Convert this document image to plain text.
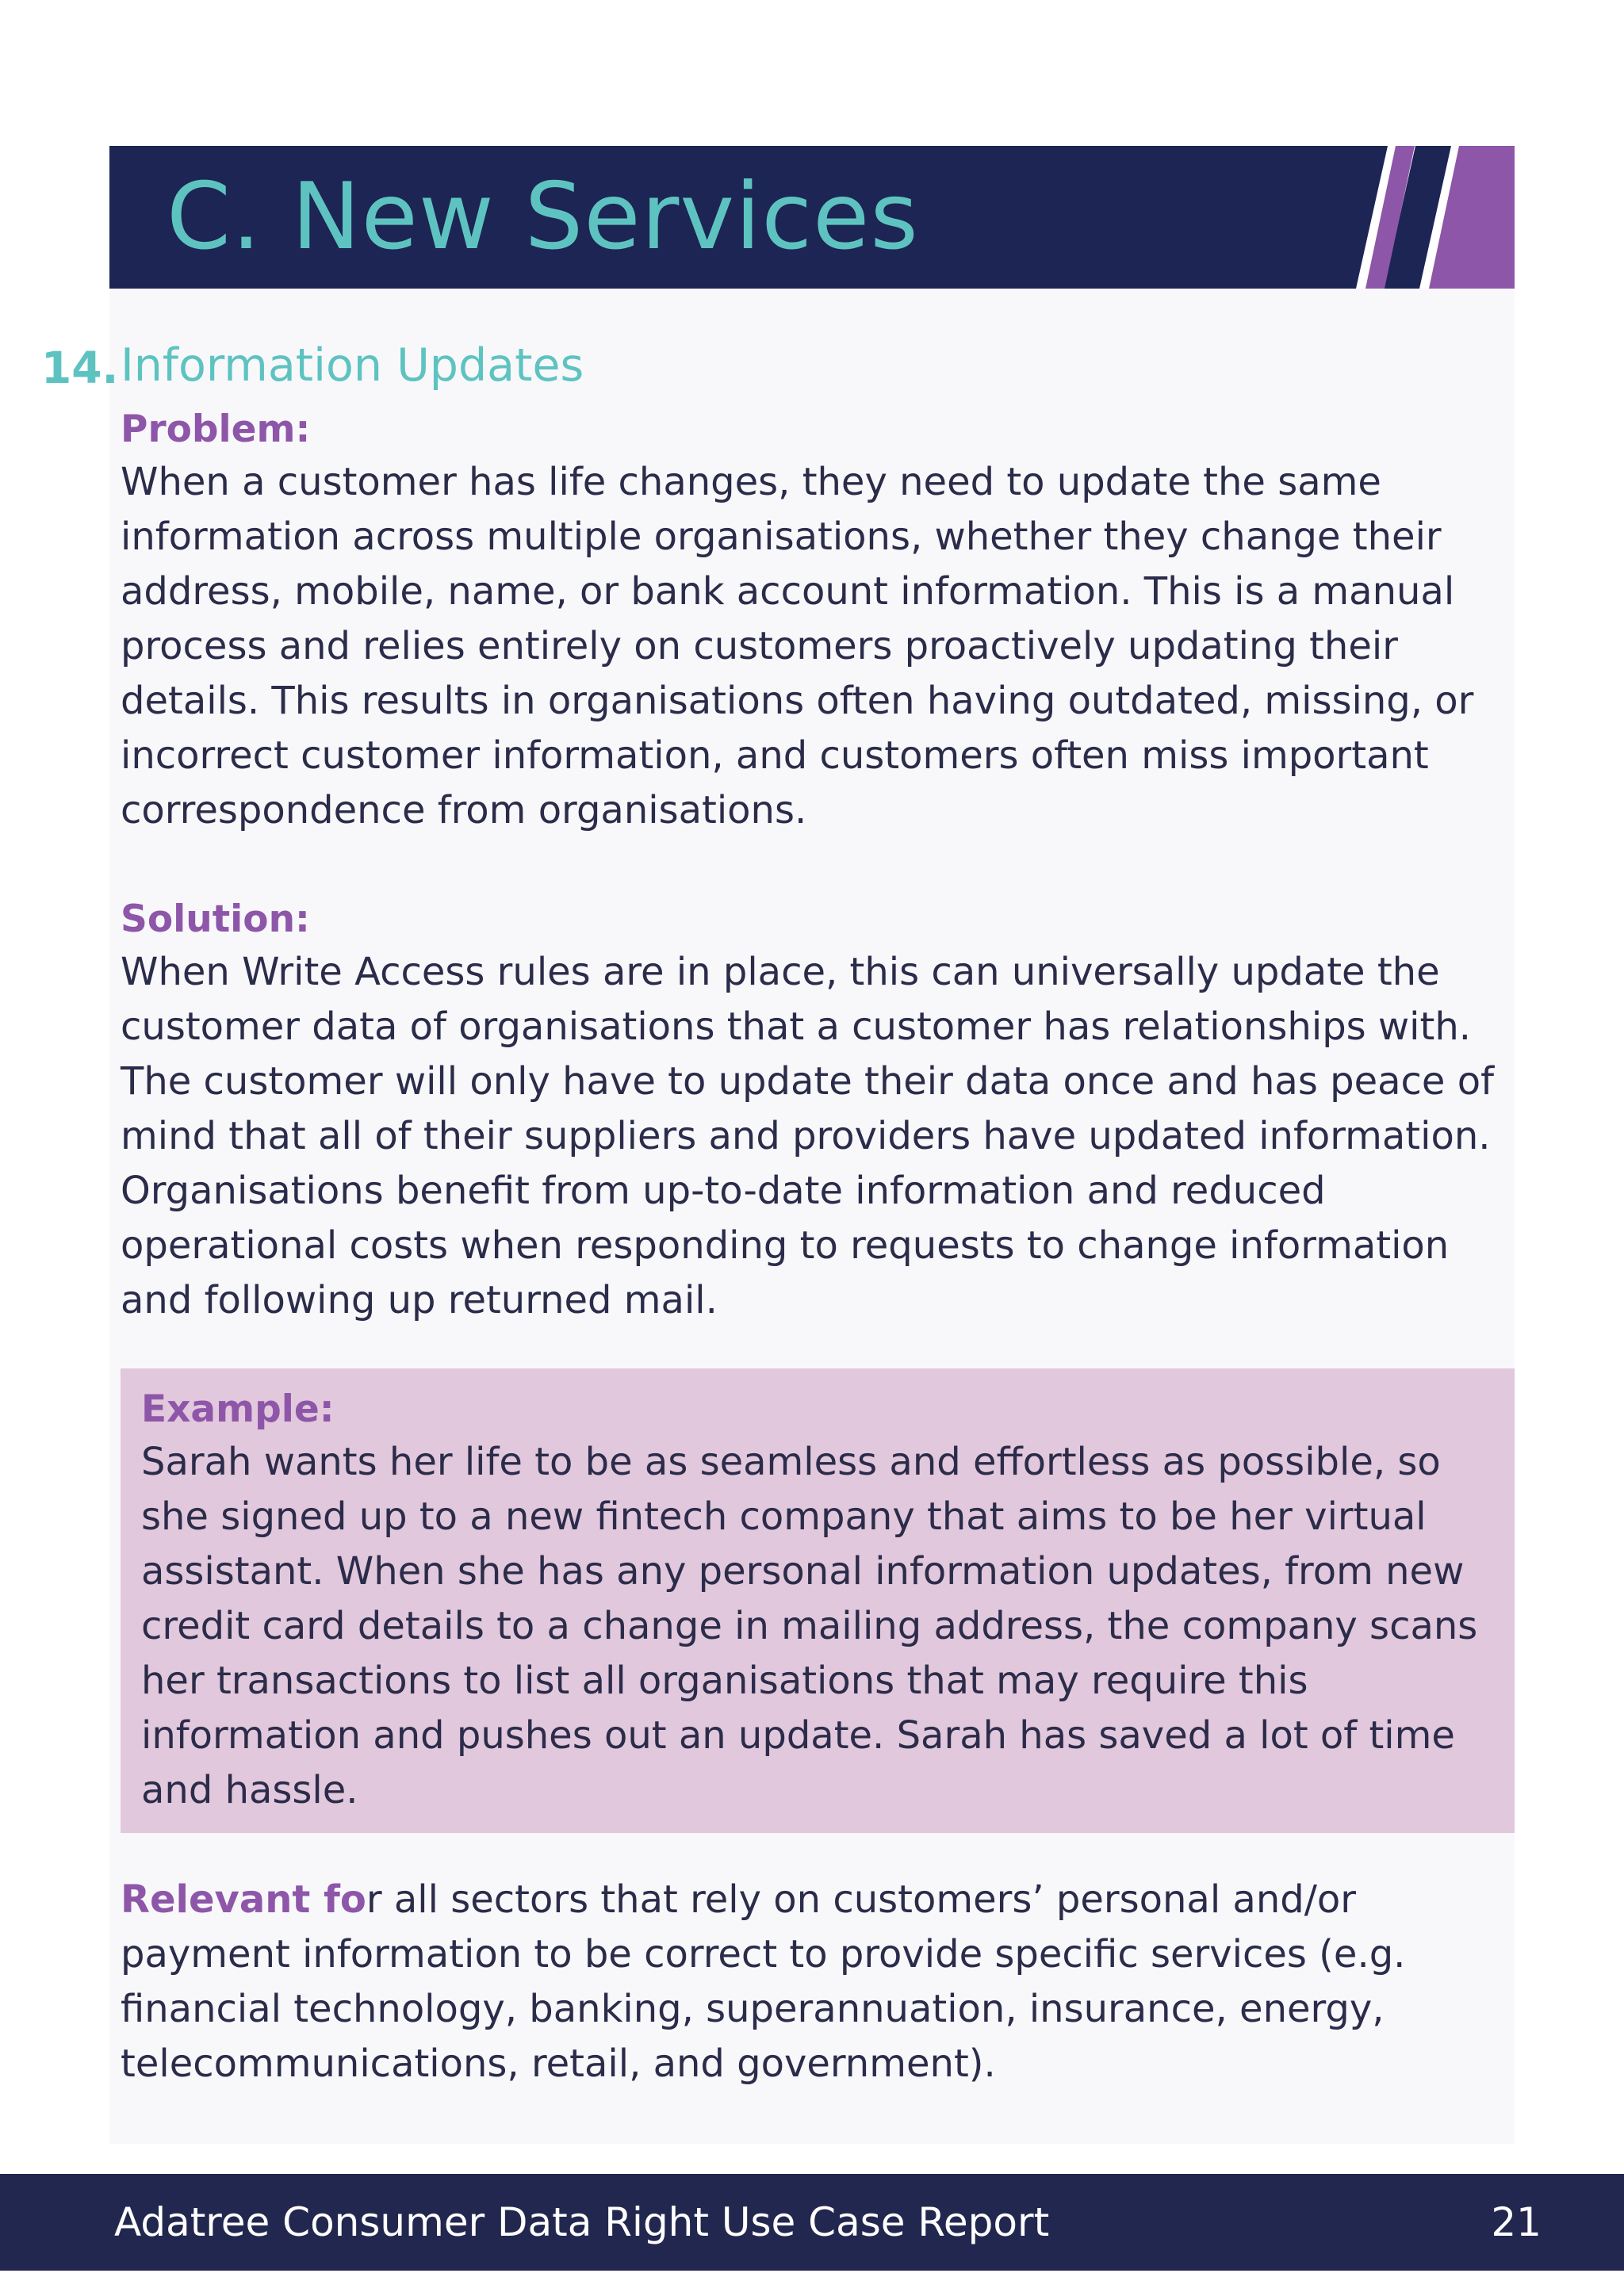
C. New Services
14. Information Updates
Problem:
When a customer has life changes, they need to update the same information across multiple organisations, whether they change their address, mobile, name, or bank account information. This is a manual process and relies entirely on customers proactively updating their details. This results in organisations often having outdated, missing, or incorrect customer information, and customers often miss important correspondence from organisations.
Solution:
When Write Access rules are in place, this can universally update the customer data of organisations that a customer has relationships with. The customer will only have to update their data once and has peace of mind that all of their suppliers and providers have updated information. Organisations benefit from up-to-date information and reduced operational costs when responding to requests to change information and following up returned mail.
Example:
Sarah wants her life to be as seamless and effortless as possible, so she signed up to a new fintech company that aims to be her virtual assistant. When she has any personal information updates, from new credit card details to a change in mailing address, the company scans her transactions to list all organisations that may require this information and pushes out an update. Sarah has saved a lot of time and hassle.
Relevant for all sectors that rely on customers’ personal and/or payment information to be correct to provide specific services (e.g. financial technology, banking, superannuation, insurance, energy, telecommunications, retail, and government).
Adatree Consumer Data Right Use Case Report	21
